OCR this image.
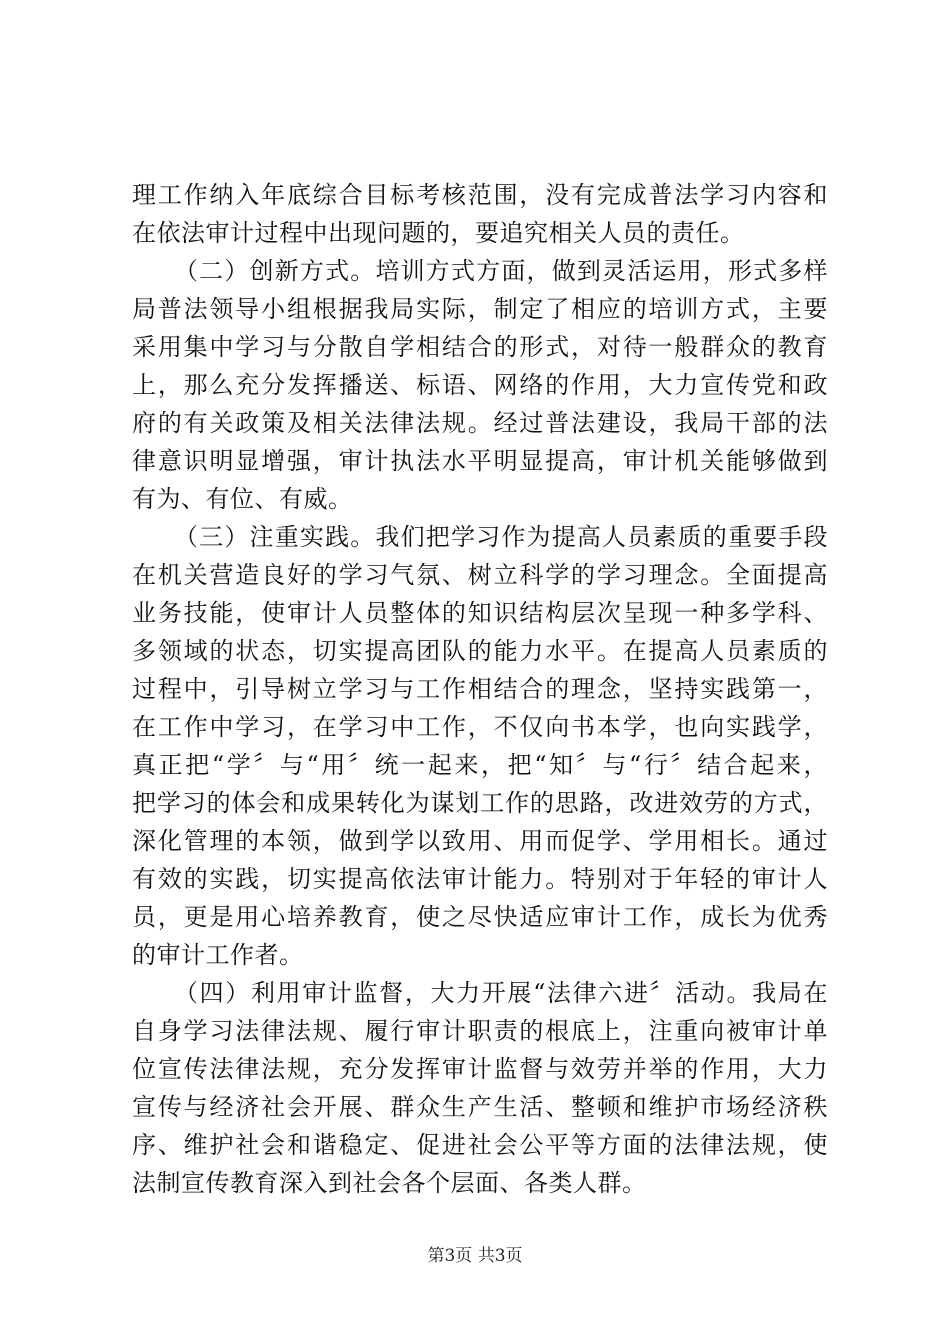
理工作纳入年底综合目标考核范围，没有完成普法学习内容和
在依法审计过程中出现问题的，要追究相关人员的责任。
（二）创新方式。培训方式方面，做到灵活运用，形式多样
局普法领导小组根据我局实际，制定了相应的培训方式，主要
采用集中学习与分散自学相结合的形式，对待一般群众的教育
上，那么充分发挥播送、标语、网络的作用，大力宣传党和政
府的有关政策及相关法律法规。经过普法建设，我局干部的法
律意识明显增强，审计执法水平明显提高，审计机关能够做到
有为、有位、有威。
（三）注重实践。我们把学习作为提高人员素质的重要手段
在机关营造良好的学习气氛、树立科学的学习理念。全面提高
业务技能，使审计人员整体的知识结构层次呈现一种多学科、
多领域的状态，切实提高团队的能力水平。在提高人员素质的
过程中，引导树立学习与工作相结合的理念，坚持实践第一，
在工作中学习，在学习中工作，不仅向书本学，也向实践学，
真正把“学〞与“用〞统一起来，把“知〞与“行〞结合起来，
把学习的体会和成果转化为谋划工作的思路，改进效劳的方式，
深化管理的本领，做到学以致用、用而促学、学用相长。通过
有效的实践，切实提高依法审计能力。特别对于年轻的审计人
员，更是用心培养教育，使之尽快适应审计工作，成长为优秀
的审计工作者。
（四）利用审计监督，大力开展“法律六进〞活动。我局在
自身学习法律法规、履行审计职责的根底上，注重向被审计单
位宣传法律法规，充分发挥审计监督与效劳并举的作用，大力
宣传与经济社会开展、群众生产生活、整顿和维护市场经济秩
序、维护社会和谐稳定、促进社会公平等方面的法律法规，使
法制宣传教育深入到社会各个层面、各类人群。
第3页 共3页
